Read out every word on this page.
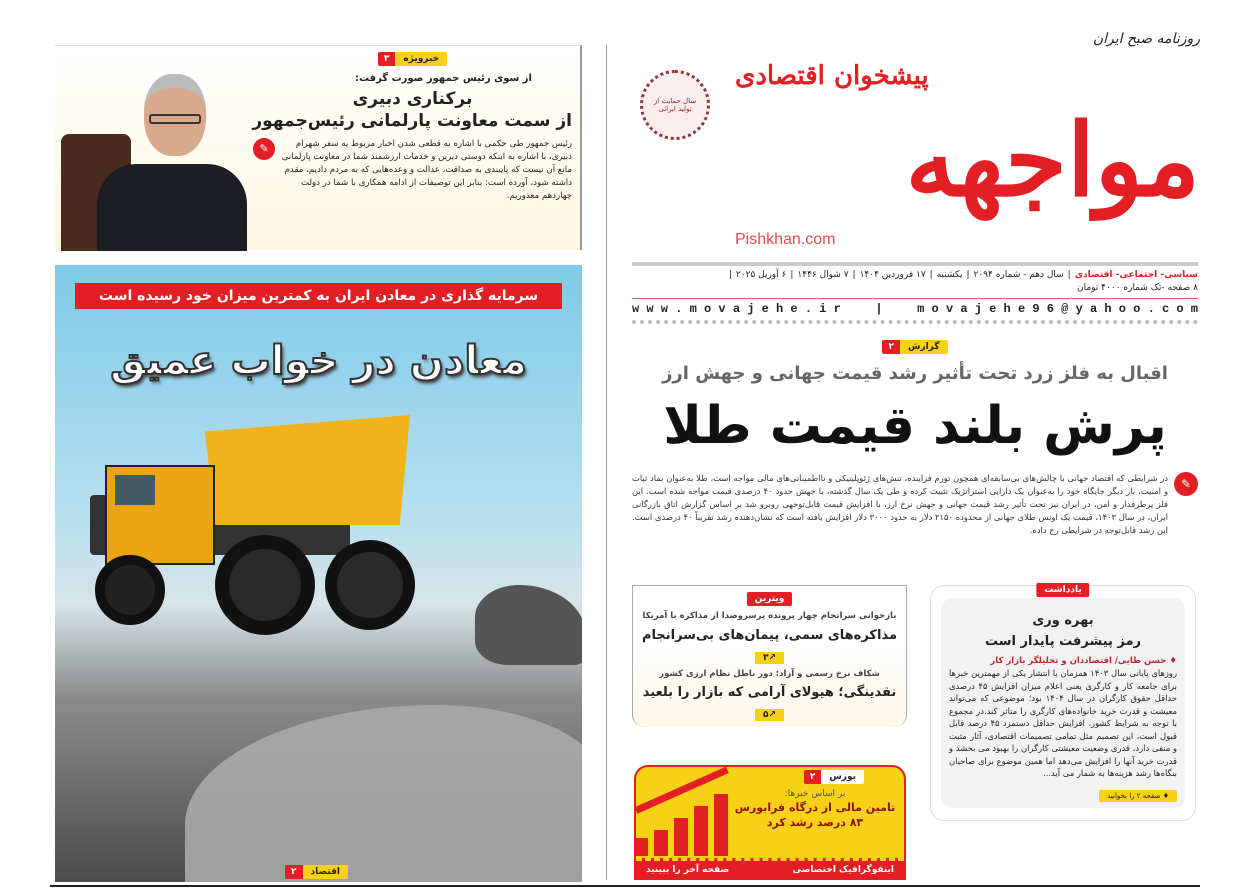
روزنامه صبح ایران
پیشخوان اقتصادی
مواجهه
Pishkhan.com
سال حمایت از تولید ایرانی
سیاسی- اجتماعی- اقتصادی
|
سال دهم - شماره ۲۰۹۴
|
یکشنبه
|
۱۷ فروردین ۱۴۰۴
|
۷ شوال ۱۴۴۶
|
۶ آوریل ۲۰۲۵
|
۸ صفحه -تک شماره ۴۰۰۰ تومان
w w w . m o v a j e h e . i r	|	m o v a j e h e 9 6 @ y a h o o . c o m
گزارش
۲
اقبال به فلز زرد تحت تأثیر رشد قیمت جهانی و جهش ارز
پرش بلند قیمت طلا
✎

در شرایطی که اقتصاد جهانی با چالش‌های بی‌سابقه‌ای همچون تورم فزاینده، تنش‌های ژئوپلیتیکی و نااطمینانی‌های مالی مواجه است، طلا به‌عنوان نماد ثبات و امنیت، بار دیگر جایگاه خود را به‌عنوان یک دارایی استراتژیک تثبیت کرده و طی یک سال گذشته، با جهش حدود ۴۰ درصدی قیمت مواجه شده است. این فلز پرطرفدار و امن، در ایران نیز تحت تأثیر رشد قیمت جهانی و جهش نرخ ارز، با افزایش قیمت قابل‌توجهی روبرو شد بر اساس گزارش اتاق بازرگانی ایران، در سال ۱۴۰۳، قیمت یک اونس طلای جهانی از محدوده ۲۱۵۰ دلار به حدود ۳۰۰۰ دلار افزایش یافته است که نشان‌دهنده رشد تقریباً ۴۰ درصدی است. این رشد قابل‌توجه در شرایطی رخ داده.

خبرویژه
۳
از سوی رئیس جمهور صورت گرفت:
برکناری دبیری
از سمت معاونت پارلمانی رئیس‌جمهور

رئیس جمهور طی حکمی با اشاره به قطعی شدن اخبار مربوط به سفر شهرام دبیری، با اشاره به اینکه دوستی دیرین و خدمات ارزشمند شما در معاونت پارلمانی مانع آن نیست که پایبندی به صداقت، عدالت و وعده‌هایی که به مردم دادیم، مقدم داشته شود، آورده است: بنابر این توصیفات از ادامه همکاری با شما در دولت چهاردهم معذوریم.

✎
سرمایه گذاری در معادن ایران به کمترین میزان خود رسیده است
معادن در خواب عمیق
اقتصاد
۲
ویترین
بازخوانی سرانجام چهار پرونده پرسروصدا از مذاکره با آمریکا
مذاکره‌های سمی، پیمان‌های بی‌سرانجام
↗۳
شکاف نرخ رسمی و آزاد: دور باطل نظام ارزی کشور
نقدینگی؛ هیولای آرامی که بازار را بلعید
↗۵
بورس
۲
بر اساس خبرها:
تامین مالی از درگاه فرابورس
۸۳ درصد رشد کرد
اینفوگرافیک اختصاصی
صفحه آخر را ببینید
یادداشت
بهره وری
رمز پیشرفت پایدار است
♦ حسن طایی/ اقتصاددان و تحلیلگر بازار کار

روزهای پایانی سال ۱۴۰۳ همزمان با انتشار یکی از مهمترین خبرها برای جامعه کار و کارگری یعنی اعلام میزان افزایش ۴۵ درصدی حداقل حقوق کارگران در سال ۱۴۰۴ بود؛ موضوعی که می‌تواند معیشت و قدرت خرید خانواده‌های کارگری را متاثر کند.در مجموع با توجه به شرایط کشور، افزایش حداقل دستمزد ۴۵ درصد قابل قبول است، این تصمیم مثل تمامی تصمیمات اقتصادی، آثار مثبت و منفی دارد، قدری وضعیت معیشتی کارگران را بهبود می بخشد و قدرت خرید آنها را افزایش می‌دهد اما همین موضوع برای صاحبان بنگاه‌ها رشد هزینه‌ها به شمار می آید...

♦ صفحه ۲ را بخوانید
